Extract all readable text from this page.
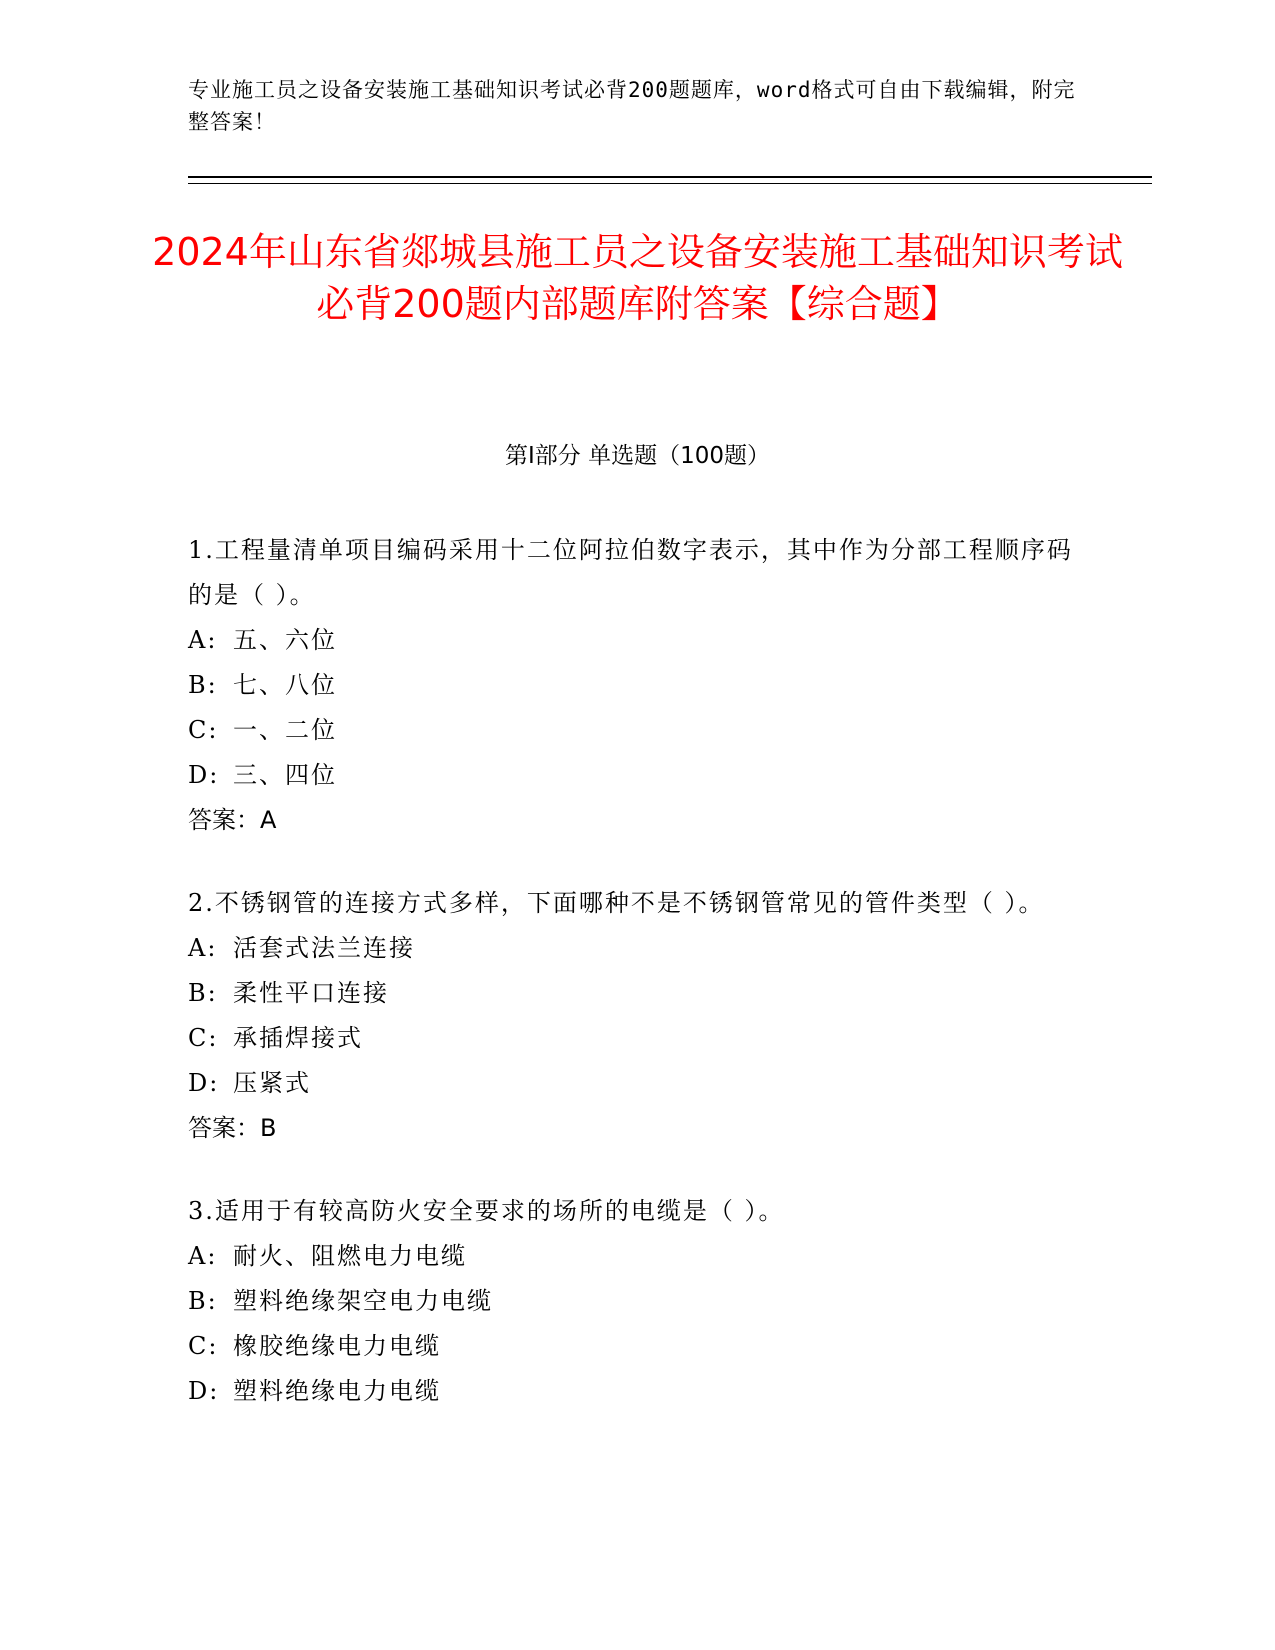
专业施工员之设备安装施工基础知识考试必背200题题库，word格式可自由下载编辑，附完整答案！
2024年山东省郯城县施工员之设备安装施工基础知识考试必背200题内部题库附答案【综合题】
第Ⅰ部分 单选题（100题）
1.工程量清单项目编码采用十二位阿拉伯数字表示，其中作为分部工程顺序码的是（ ）。
A: 五、六位
B: 七、八位
C: 一、二位
D: 三、四位
答案：A
2.不锈钢管的连接方式多样，下面哪种不是不锈钢管常见的管件类型（ ）。
A: 活套式法兰连接
B: 柔性平口连接
C: 承插焊接式
D: 压紧式
答案：B
3.适用于有较高防火安全要求的场所的电缆是（ ）。
A: 耐火、阻燃电力电缆
B: 塑料绝缘架空电力电缆
C: 橡胶绝缘电力电缆
D: 塑料绝缘电力电缆
